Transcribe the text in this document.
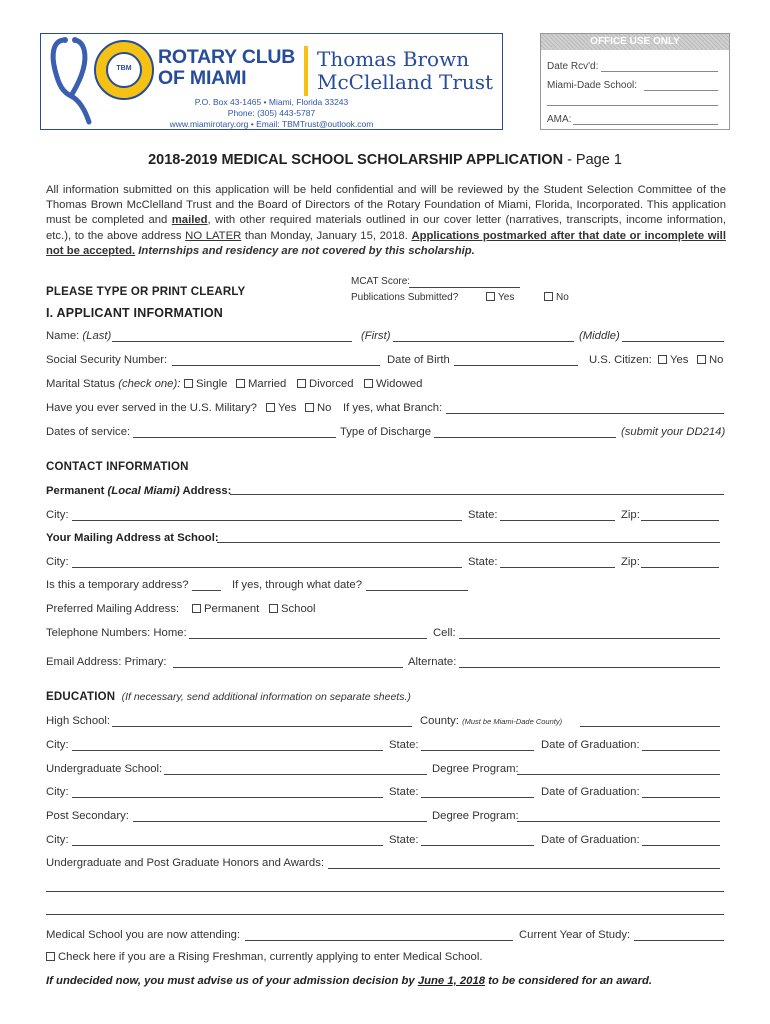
TBM
ROTARY CLUB
OF MIAMI
Thomas Brown
McClelland Trust
P.O. Box 43-1465 • Miami, Florida 33243
Phone: (305) 443-5787
www.miamirotary.org • Email: TBMTrust@outlook.com
OFFICE USE ONLY
Date Rcv'd:
Miami-Dade School:
AMA:
2018-2019 MEDICAL SCHOOL SCHOLARSHIP APPLICATION - Page 1
All information submitted on this application will be held confidential and will be reviewed by the Student Selection Committee of the Thomas Brown McClelland Trust and the Board of Directors of the Rotary Foundation of Miami, Florida, Incorporated. This application must be completed and mailed, with other required materials outlined in our cover letter (narratives, transcripts, income information, etc.), to the above address NO LATER than Monday, January 15, 2018. Applications postmarked after that date or incomplete will not be accepted. Internships and residency are not covered by this scholarship.
MCAT Score:
Publications Submitted?	Yes	No
PLEASE TYPE OR PRINT CLEARLY
I. APPLICANT INFORMATION
Name: (Last)	(First)	(Middle)
Social Security Number:	Date of Birth	U.S. Citizen:	Yes	No
Marital Status (check one):	Single	Married	Divorced	Widowed
Have you ever served in the U.S. Military?	Yes	No If yes, what Branch:
Dates of service:	Type of Discharge	(submit your DD214)
CONTACT INFORMATION
Permanent (Local Miami) Address:
City:	State:	Zip:
Your Mailing Address at School:
City:	State:	Zip:
Is this a temporary address?	If yes, through what date?
Preferred Mailing Address:	Permanent	School
Telephone Numbers: Home:	Cell:
Email Address: Primary:	Alternate:
EDUCATION (If necessary, send additional information on separate sheets.)
High School:	County: (Must be Miami-Dade County)
City:	State:	Date of Graduation:
Undergraduate School:	Degree Program:
City:	State:	Date of Graduation:
Post Secondary:	Degree Program:
City:	State:	Date of Graduation:
Undergraduate and Post Graduate Honors and Awards:
Medical School you are now attending:	Current Year of Study:
Check here if you are a Rising Freshman, currently applying to enter Medical School.
If undecided now, you must advise us of your admission decision by June 1, 2018 to be considered for an award.
